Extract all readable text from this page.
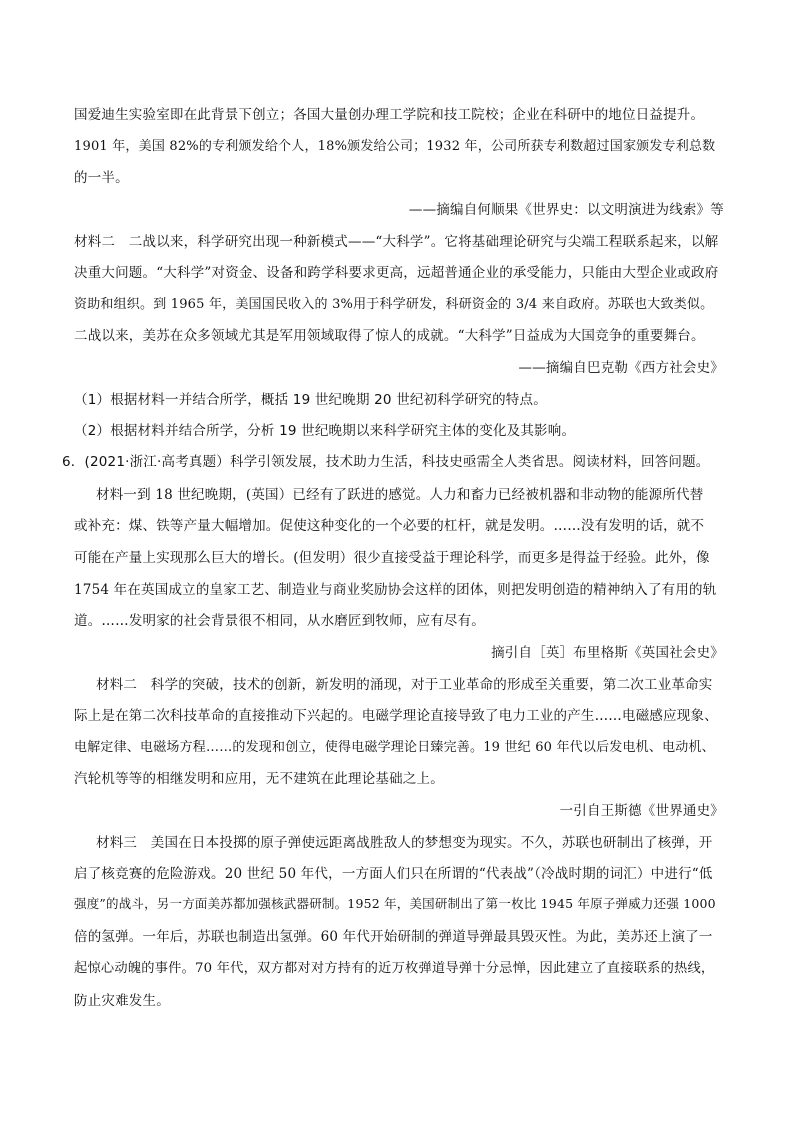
国爱迪生实验室即在此背景下创立；各国大量创办理工学院和技工院校；企业在科研中的地位日益提升。

1901 年，美国 82%的专利颁发给个人，18%颁发给公司；1932 年，公司所获专利数超过国家颁发专利总数

的一半。

——摘编自何顺果《世界史：以文明演进为线索》等

材料二　二战以来，科学研究出现一种新模式——“大科学”。它将基础理论研究与尖端工程联系起来，以解

决重大问题。“大科学”对资金、设备和跨学科要求更高，远超普通企业的承受能力，只能由大型企业或政府

资助和组织。到 1965 年，美国国民收入的 3%用于科学研发，科研资金的 3/4 来自政府。苏联也大致类似。

二战以来，美苏在众多领域尤其是军用领域取得了惊人的成就。“大科学”日益成为大国竞争的重要舞台。

——摘编自巴克勒《西方社会史》

（1）根据材料一并结合所学，概括 19 世纪晚期 20 世纪初科学研究的特点。

（2）根据材料并结合所学，分析 19 世纪晚期以来科学研究主体的变化及其影响。

6．(2021·浙江·高考真题）科学引领发展，技术助力生活，科技史亟需全人类省思。阅读材料，回答问题。

材料一到 18 世纪晚期，(英国）已经有了跃进的感觉。人力和畜力已经被机器和非动物的能源所代替

或补充：煤、铁等产量大幅增加。促使这种变化的一个必要的杠杆，就是发明。……没有发明的话，就不

可能在产量上实现那么巨大的增长。(但发明）很少直接受益于理论科学，而更多是得益于经验。此外，像

1754 年在英国成立的皇家工艺、制造业与商业奖励协会这样的团体，则把发明创造的精神纳入了有用的轨

道。……发明家的社会背景很不相同，从水磨匠到牧师，应有尽有。

摘引自［英］布里格斯《英国社会史》

材料二　科学的突破，技术的创新，新发明的涌现，对于工业革命的形成至关重要，第二次工业革命实

际上是在第二次科技革命的直接推动下兴起的。电磁学理论直接导致了电力工业的产生……电磁感应现象、

电解定律、电磁场方程……的发现和创立，使得电磁学理论日臻完善。19 世纪 60 年代以后发电机、电动机、

汽轮机等等的相继发明和应用，无不建筑在此理论基础之上。

一引自王斯德《世界通史》

材料三　美国在日本投掷的原子弹使远距离战胜敌人的梦想变为现实。不久，苏联也研制出了核弹，开

启了核竞赛的危险游戏。20 世纪 50 年代，一方面人们只在所谓的“代表战”（冷战时期的词汇）中进行“低

强度”的战斗，另一方面美苏都加强核武器研制。1952 年，美国研制出了第一枚比 1945 年原子弹威力还强 1000

倍的氢弹。一年后，苏联也制造出氢弹。60 年代开始研制的弹道导弹最具毁灭性。为此，美苏还上演了一

起惊心动魄的事件。70 年代，双方都对对方持有的近万枚弹道导弹十分忌惮，因此建立了直接联系的热线，

防止灾难发生。
